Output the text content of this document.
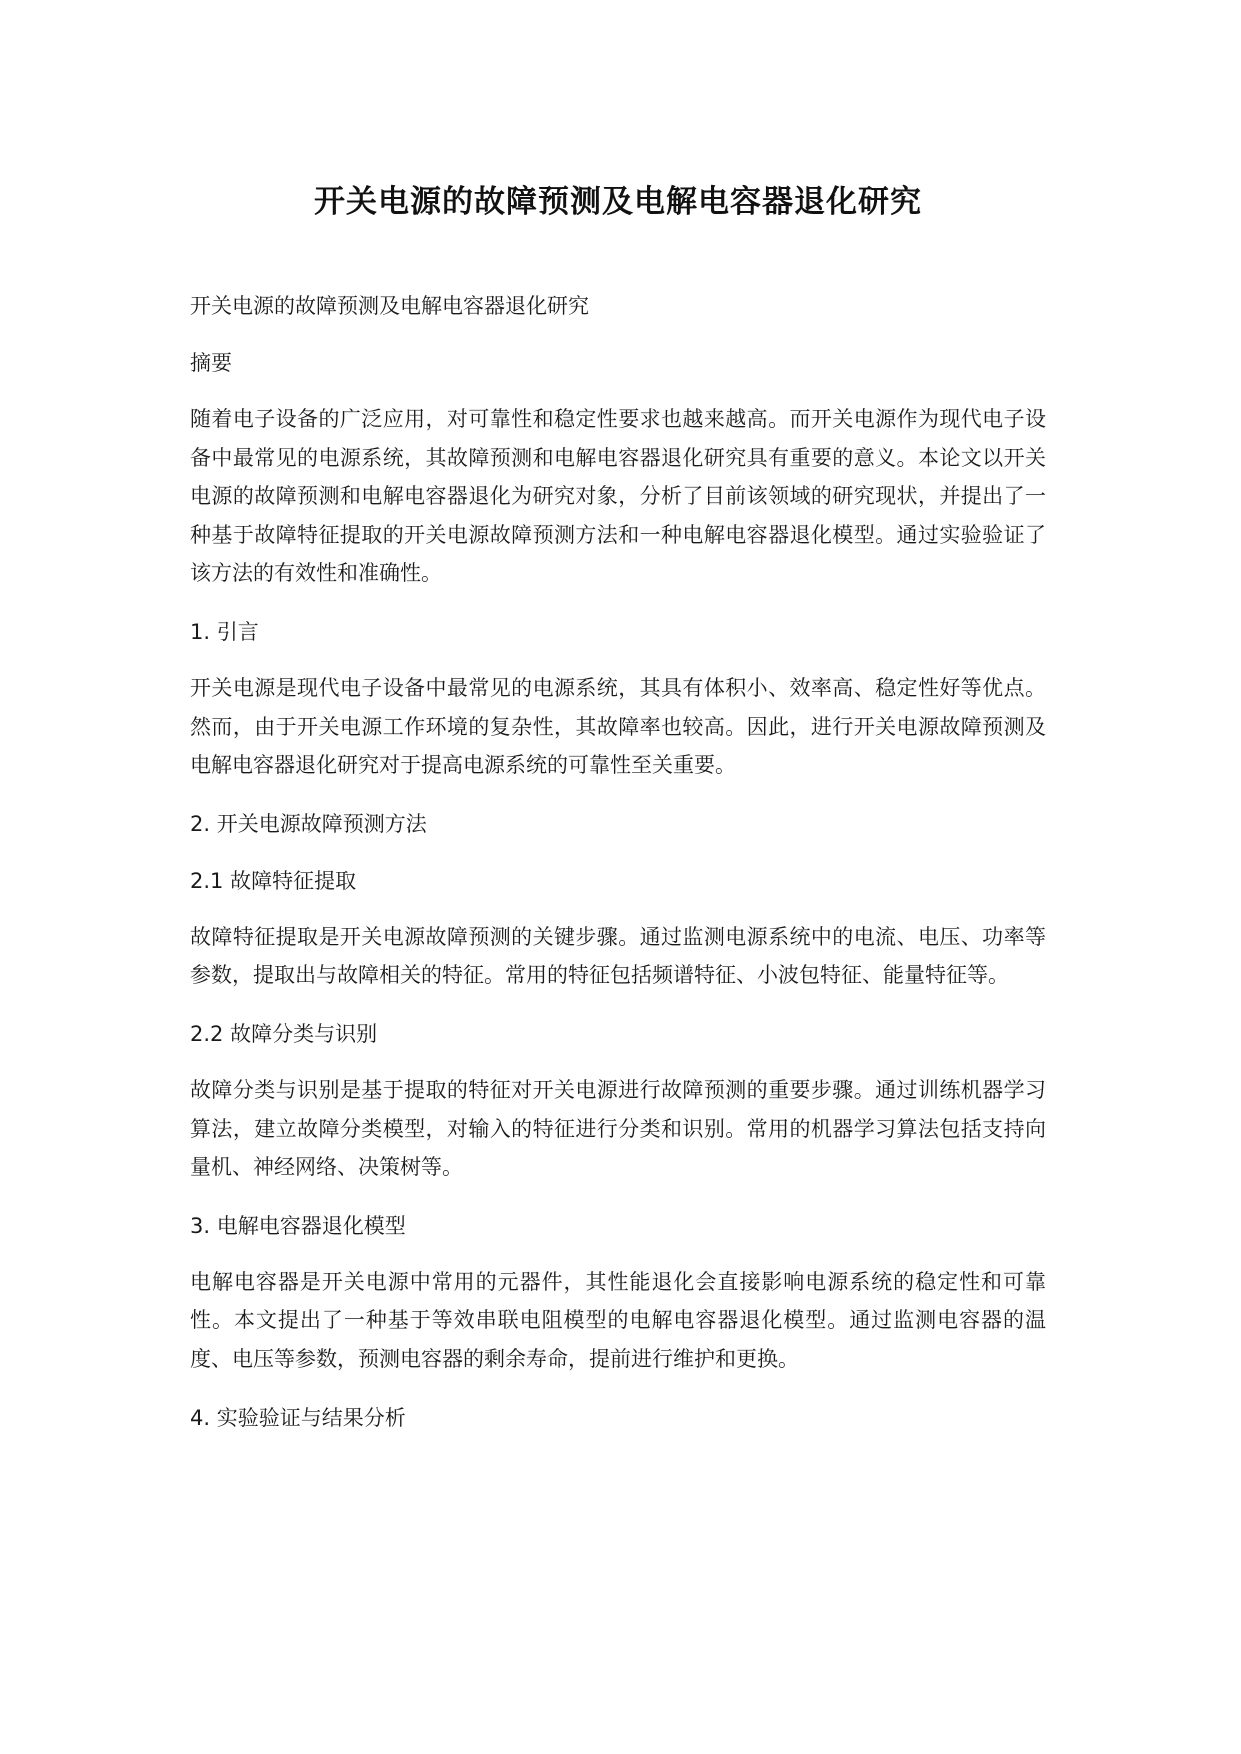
开关电源的故障预测及电解电容器退化研究

开关电源的故障预测及电解电容器退化研究

摘要

随着电子设备的广泛应用，对可靠性和稳定性要求也越来越高。而开关电源作为现代电子设备中最常见的电源系统，其故障预测和电解电容器退化研究具有重要的意义。本论文以开关电源的故障预测和电解电容器退化为研究对象，分析了目前该领域的研究现状，并提出了一种基于故障特征提取的开关电源故障预测方法和一种电解电容器退化模型。通过实验验证了该方法的有效性和准确性。

1. 引言

开关电源是现代电子设备中最常见的电源系统，其具有体积小、效率高、稳定性好等优点。然而，由于开关电源工作环境的复杂性，其故障率也较高。因此，进行开关电源故障预测及电解电容器退化研究对于提高电源系统的可靠性至关重要。

2. 开关电源故障预测方法

2.1 故障特征提取

故障特征提取是开关电源故障预测的关键步骤。通过监测电源系统中的电流、电压、功率等参数，提取出与故障相关的特征。常用的特征包括频谱特征、小波包特征、能量特征等。

2.2 故障分类与识别

故障分类与识别是基于提取的特征对开关电源进行故障预测的重要步骤。通过训练机器学习算法，建立故障分类模型，对输入的特征进行分类和识别。常用的机器学习算法包括支持向量机、神经网络、决策树等。

3. 电解电容器退化模型

电解电容器是开关电源中常用的元器件，其性能退化会直接影响电源系统的稳定性和可靠性。本文提出了一种基于等效串联电阻模型的电解电容器退化模型。通过监测电容器的温度、电压等参数，预测电容器的剩余寿命，提前进行维护和更换。

4. 实验验证与结果分析
